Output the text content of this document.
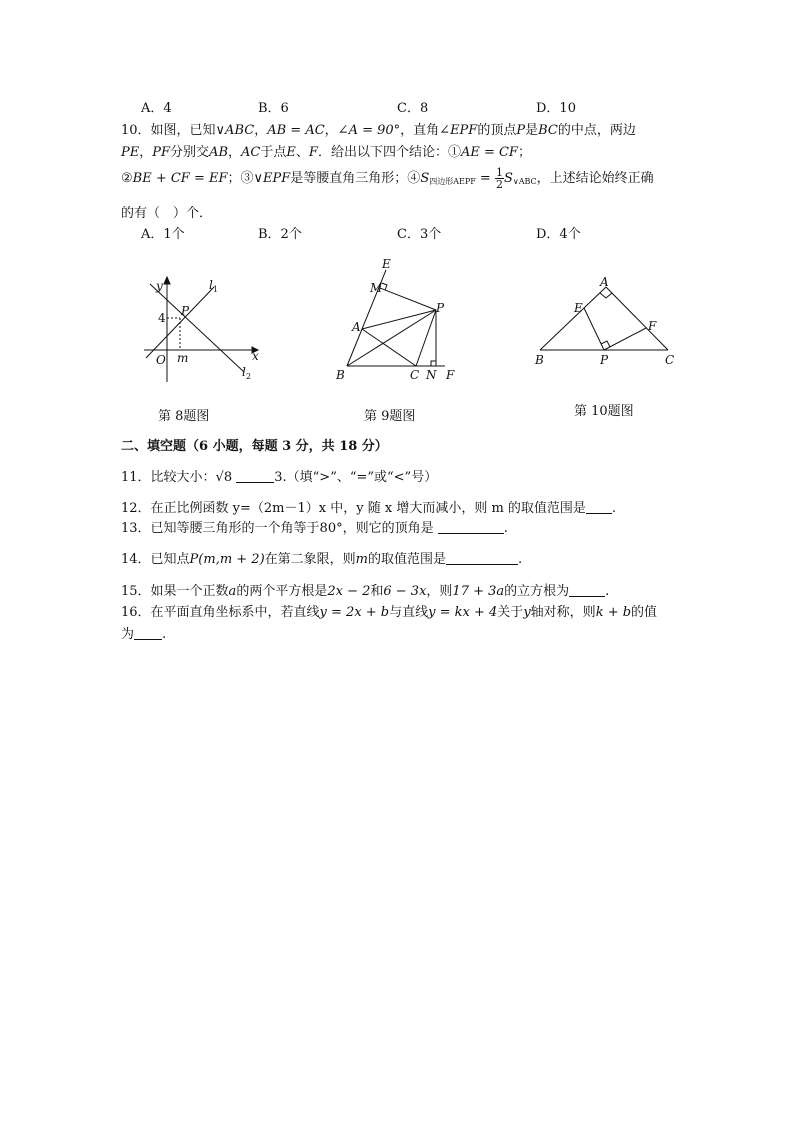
A．4	B．6	C．8	D．10
10．如图，已知∨ABC，AB = AC，∠A = 90°，直角∠EPF的顶点P是BC的中点，两边
PE，PF分别交AB，AC于点E、F．给出以下四个结论：①AE = CF；
②BE + CF = EF；③∨EPF是等腰直角三角形；$④S_{四边形AEPF} = \frac{1}{2} S_{\vee ABC}$，上述结论始终正确
的有（　）个．
A．1个	B．2个	C．3个	D．4个
y
x
O
4
m
P
l 1
l 2
第 8题图
E
M
P
A
B	C N F
第 9题图
A
E
F
B	P	C
第 10题图
二、填空题（6 小题，每题 3 分，共 18 分）
11．比较大小：√8	3.（填“>”、“=”或“<”号）
12．在正比例函数 y=（2m－1）x 中，y 随 x 增大而减小，则 m 的取值范围是 .
13．已知等腰三角形的一个角等于80°，则它的顶角是	.
14．已知点P(m,m + 2)在第二象限，则m的取值范围是	.
15．如果一个正数a的两个平方根是2x − 2和6 − 3x，则17 + 3a的立方根为	.
16．在平面直角坐标系中，若直线y = 2x + b与直线y = kx + 4关于y轴对称，则k + b的值
为 .
